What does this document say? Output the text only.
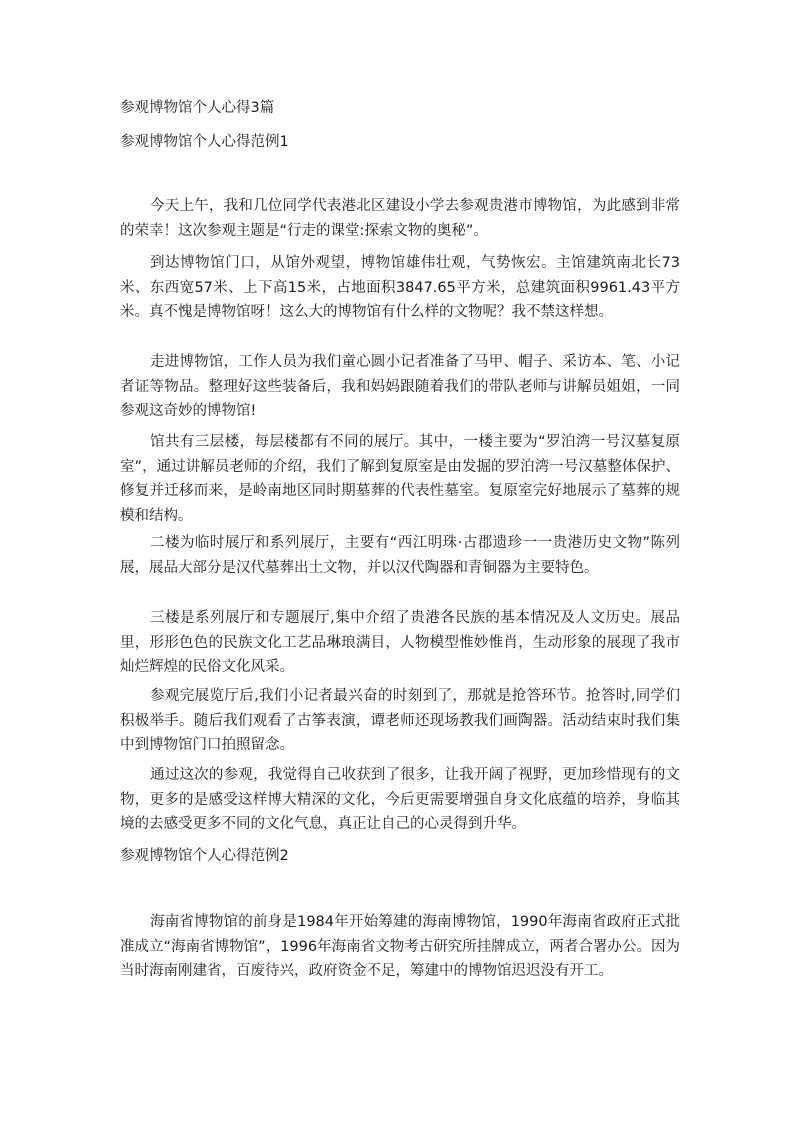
参观博物馆个人心得3篇
参观博物馆个人心得范例1

今天上午，我和几位同学代表港北区建设小学去参观贵港市博物馆，为此感到非常的荣幸！这次参观主题是“行走的课堂:探索文物的奥秘”。

到达博物馆门口，从馆外观望，博物馆雄伟壮观，气势恢宏。主馆建筑南北长73米、东西宽57米、上下高15米，占地面积3847.65平方米，总建筑面积9961.43平方米。真不愧是博物馆呀！这么大的博物馆有什么样的文物呢？我不禁这样想。

走进博物馆，工作人员为我们童心圆小记者准备了马甲、帽子、采访本、笔、小记者证等物品。整理好这些装备后，我和妈妈跟随着我们的带队老师与讲解员姐姐，一同参观这奇妙的博物馆!

馆共有三层楼，每层楼都有不同的展厅。其中，一楼主要为“罗泊湾一号汉墓复原室”，通过讲解员老师的介绍，我们了解到复原室是由发掘的罗泊湾一号汉墓整体保护、修复并迁移而来，是岭南地区同时期墓葬的代表性墓室。复原室完好地展示了墓葬的规模和结构。

二楼为临时展厅和系列展厅，主要有“西江明珠·古郡遗珍一一贵港历史文物”陈列展，展品大部分是汉代墓葬出土文物，并以汉代陶器和青铜器为主要特色。

三楼是系列展厅和专题展厅,集中介绍了贵港各民族的基本情况及人文历史。展品里，形形色色的民族文化工艺品琳琅满目，人物模型惟妙惟肖，生动形象的展现了我市灿烂辉煌的民俗文化风采。

参观完展览厅后,我们小记者最兴奋的时刻到了，那就是抢答环节。抢答时,同学们积极举手。随后我们观看了古筝表演，谭老师还现场教我们画陶器。活动结束时我们集中到博物馆门口拍照留念。

通过这次的参观，我觉得自己收获到了很多，让我开阔了视野，更加珍惜现有的文物，更多的是感受这样博大精深的文化，今后更需要增强自身文化底蕴的培养，身临其境的去感受更多不同的文化气息，真正让自己的心灵得到升华。

参观博物馆个人心得范例2

海南省博物馆的前身是1984年开始筹建的海南博物馆，1990年海南省政府正式批准成立“海南省博物馆”，1996年海南省文物考古研究所挂牌成立，两者合署办公。因为当时海南刚建省，百废待兴，政府资金不足，筹建中的博物馆迟迟没有开工。
